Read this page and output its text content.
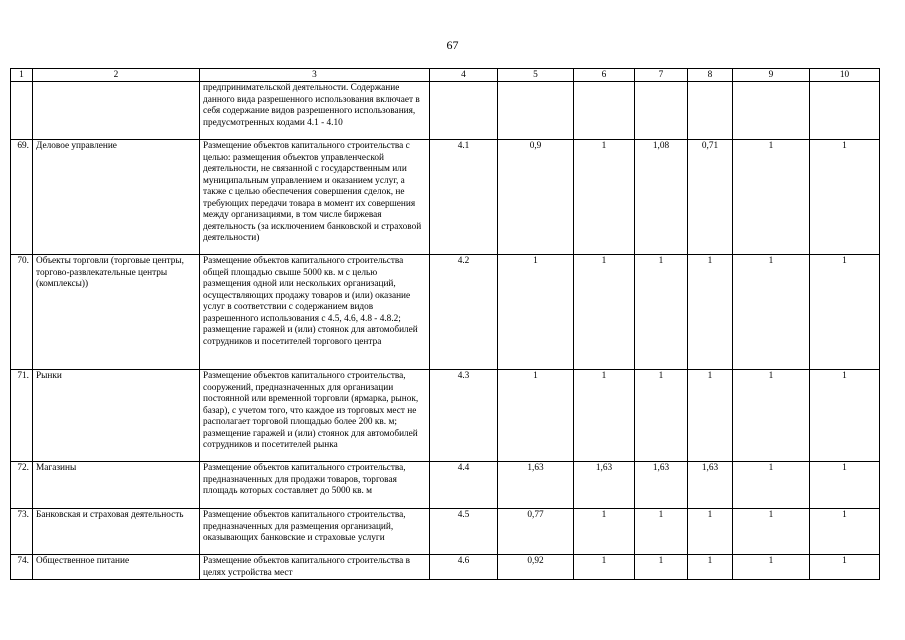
67
1	2	3	4	5	6	7	8	9	10
		предпринимательской деятельности. Содержание данного вида разрешенного использования включает в себя содержание видов разрешенного использования, предусмотренных кодами 4.1 - 4.10							
69.	Деловое управление	Размещение объектов капитального строительства с целью: размещения объектов управленческой деятельности, не связанной с государственным или муниципальным управлением и оказанием услуг, а также с целью обеспечения совершения сделок, не требующих передачи товара в момент их совершения между организациями, в том числе биржевая деятельность (за исключением банковской и страховой деятельности)	4.1	0,9	1	1,08	0,71	1	1
70.	Объекты торговли (торговые центры, торгово-развлекательные центры (комплексы))	Размещение объектов капитального строительства общей площадью свыше 5000 кв. м с целью размещения одной или нескольких организаций, осуществляющих продажу товаров и (или) оказание услуг в соответствии с содержанием видов разрешенного использования с 4.5, 4.6, 4.8 - 4.8.2; размещение гаражей и (или) стоянок для автомобилей сотрудников и посетителей торгового центра	4.2	1	1	1	1	1	1
71.	Рынки	Размещение объектов капитального строительства, сооружений, предназначенных для организации постоянной или временной торговли (ярмарка, рынок, базар), с учетом того, что каждое из торговых мест не располагает торговой площадью более 200 кв. м; размещение гаражей и (или) стоянок для автомобилей сотрудников и посетителей рынка	4.3	1	1	1	1	1	1
72.	Магазины	Размещение объектов капитального строительства, предназначенных для продажи товаров, торговая площадь которых составляет до 5000 кв. м	4.4	1,63	1,63	1,63	1,63	1	1
73.	Банковская и страховая деятельность	Размещение объектов капитального строительства, предназначенных для размещения организаций, оказывающих банковские и страховые услуги	4.5	0,77	1	1	1	1	1
74.	Общественное питание	Размещение объектов капитального строительства в целях устройства мест	4.6	0,92	1	1	1	1	1
